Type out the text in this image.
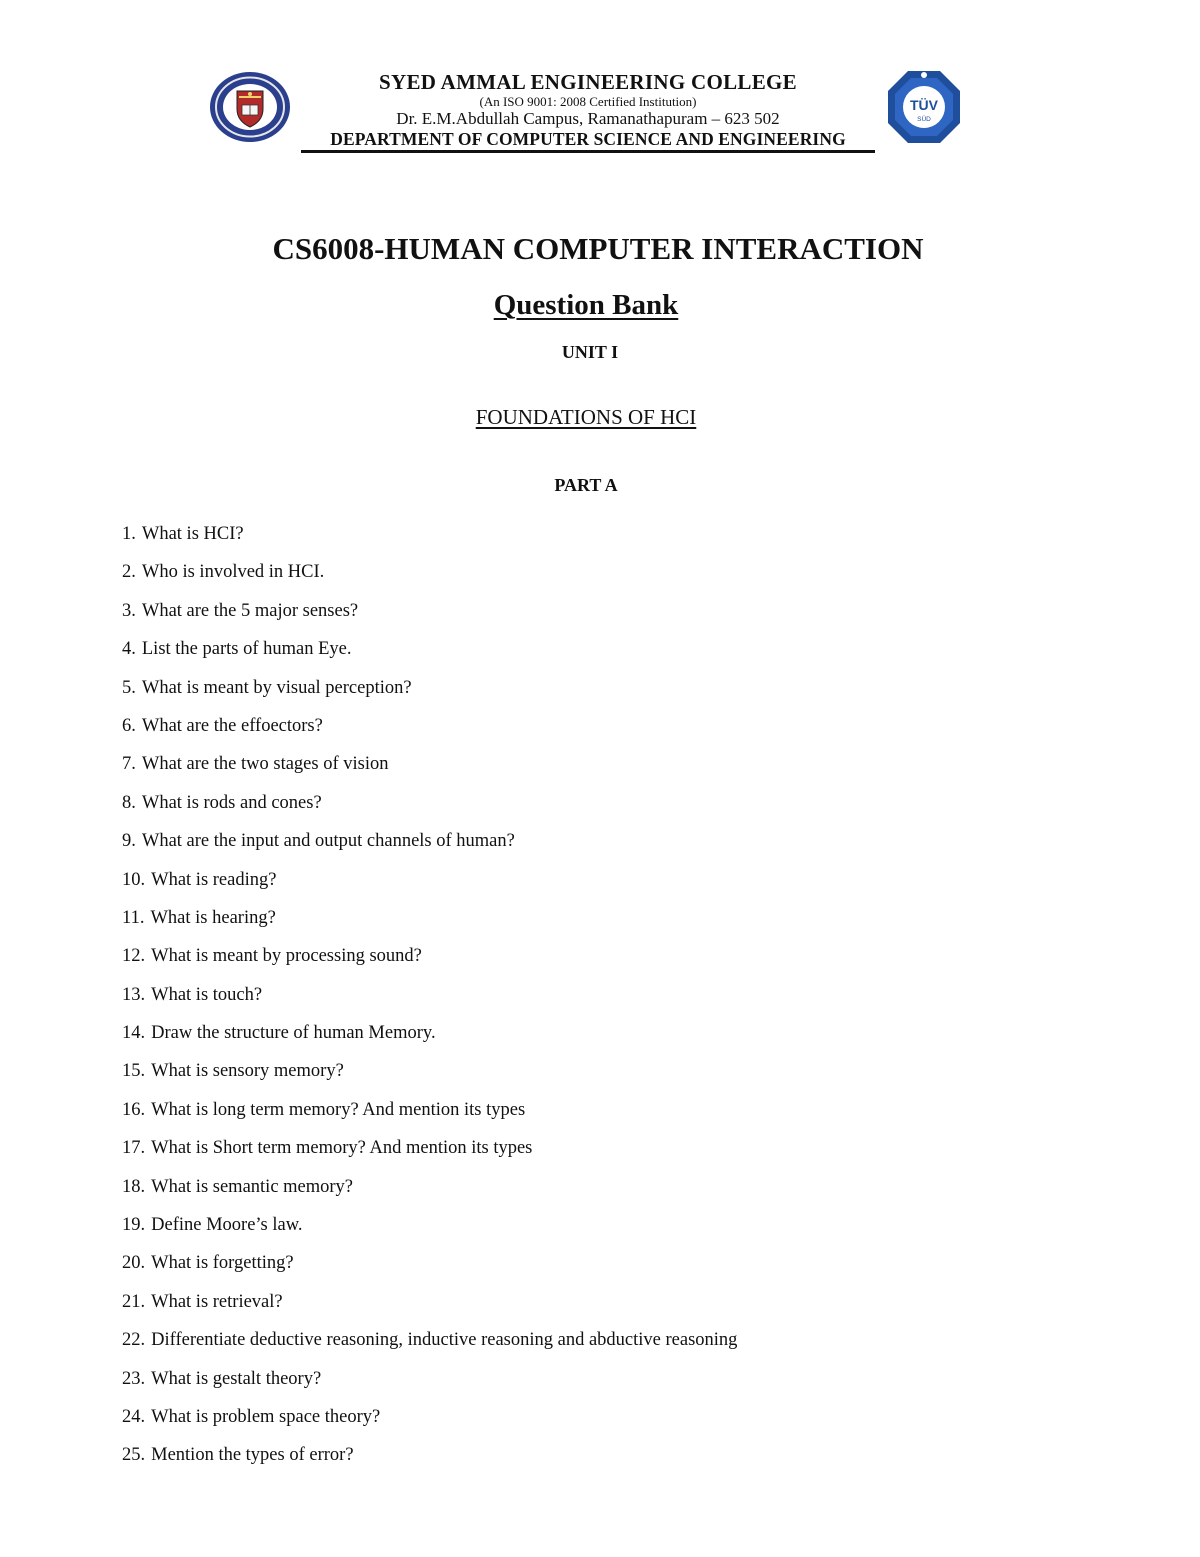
SYED AMMAL ENGINEERING COLLEGE
(An ISO 9001: 2008 Certified Institution)
Dr. E.M.Abdullah Campus, Ramanathapuram – 623 502
DEPARTMENT OF COMPUTER SCIENCE AND ENGINEERING
TÜV
SÜD
CS6008-HUMAN COMPUTER INTERACTION
Question Bank
UNIT I
FOUNDATIONS OF HCI
PART A
1. What is HCI?
2. Who is involved in HCI.
3. What are the 5 major senses?
4. List the parts of human Eye.
5. What is meant by visual perception?
6. What are the effoectors?
7. What are the two stages of vision
8. What is rods and cones?
9. What are the input and output channels of human?
10. What is reading?
11. What is hearing?
12. What is meant by processing sound?
13. What is touch?
14. Draw the structure of human Memory.
15. What is sensory memory?
16. What is long term memory? And mention its types
17. What is Short term memory? And mention its types
18. What is semantic memory?
19. Define Moore’s law.
20. What is forgetting?
21. What is retrieval?
22. Differentiate deductive reasoning, inductive reasoning and abductive reasoning
23. What is gestalt theory?
24. What is problem space theory?
25. Mention the types of error?
